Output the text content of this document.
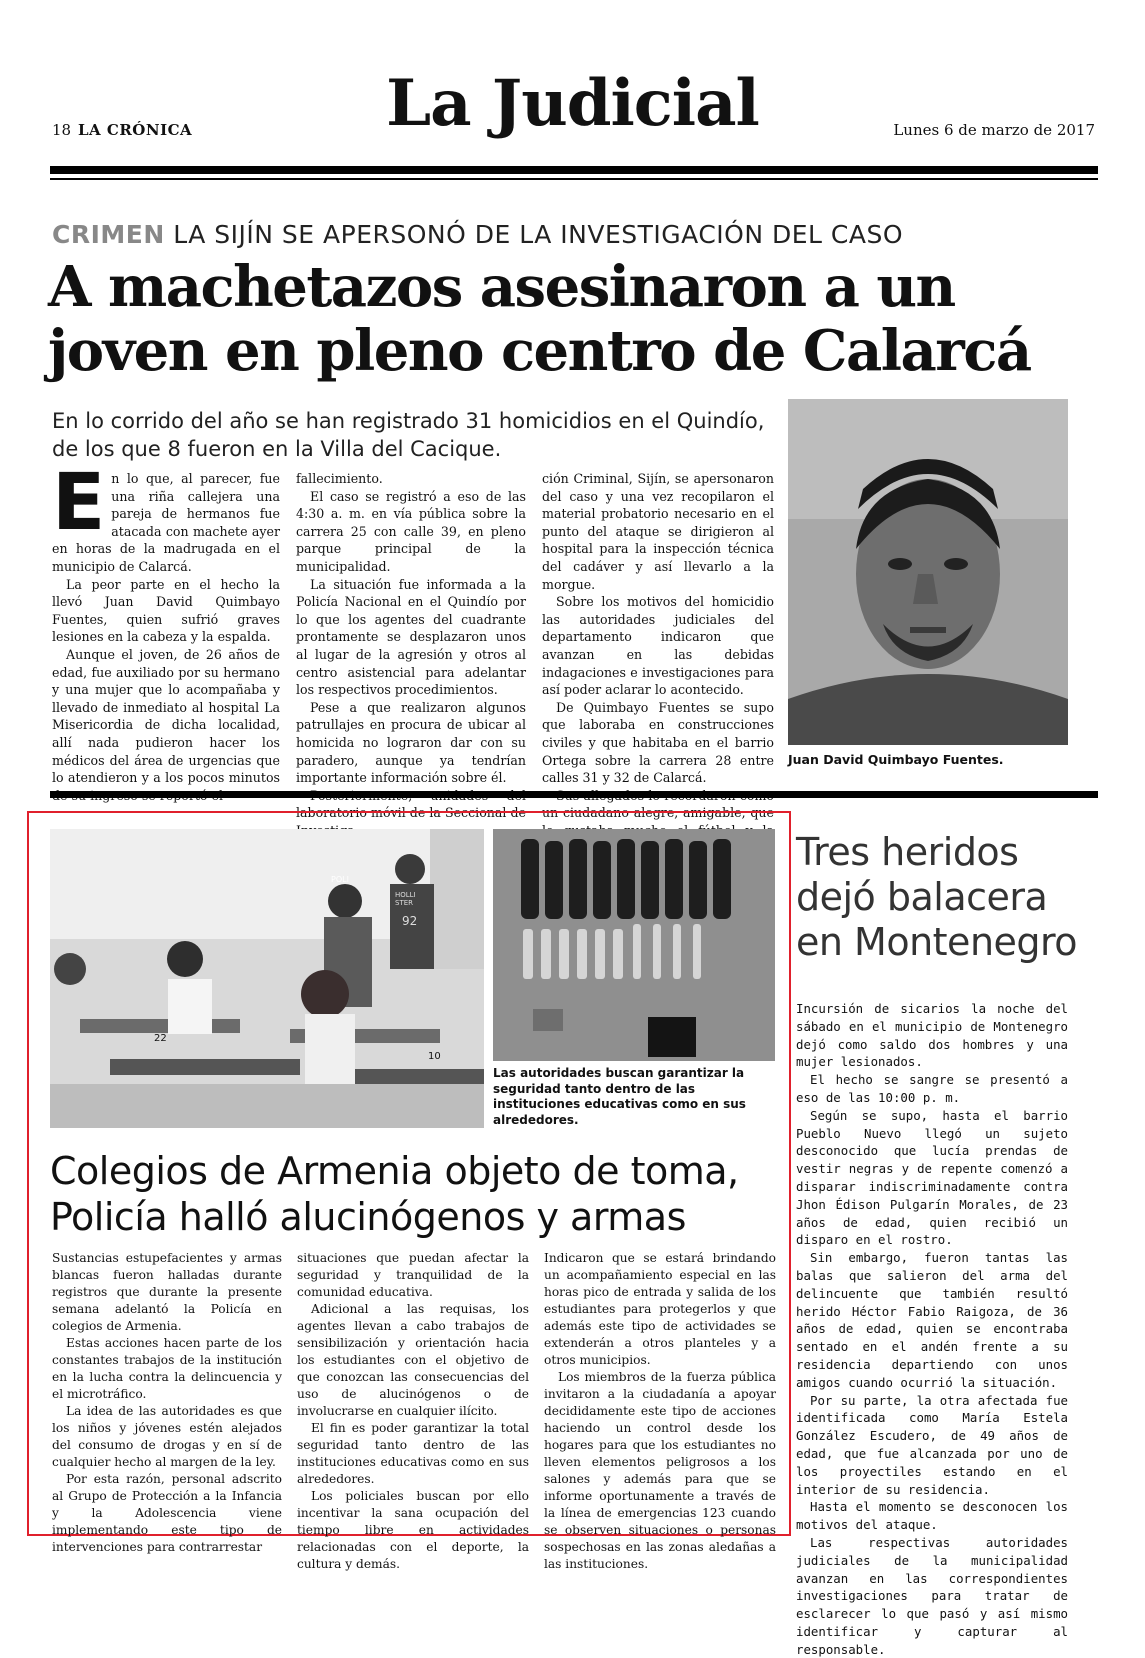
18 LA CRÓNICA	La Judicial	Lunes 6 de marzo de 2017
CRIMEN LA SIJÍN SE APERSONÓ DE LA INVESTIGACIÓN DEL CASO
A machetazos asesinaron a un joven en pleno centro de Calarcá
En lo corrido del año se han registrado 31 homicidios en el Quindío, de los que 8 fueron en la Villa del Cacique.

En lo que, al parecer, fue una riña callejera una pareja de hermanos fue atacada con machete ayer en horas de la madrugada en el municipio de Calarcá.

La peor parte en el hecho la llevó Juan David Quimbayo Fuentes, quien sufrió graves lesiones en la cabeza y la espalda.

Aunque el joven, de 26 años de edad, fue auxiliado por su hermano y una mujer que lo acompañaba y llevado de inmediato al hospital La Misericordia de dicha localidad, allí nada pudieron hacer los médicos del área de urgencias que lo atendieron y a los pocos minutos

fallecimiento.

El caso se registró a eso de las 4:30 a. m. en vía pública sobre la carrera 25 con calle 39, en pleno parque principal de la municipalidad.

La situación fue informada a la Policía Nacional en el Quindío por lo que los agentes del cuadrante prontamente se desplazaron unos al lugar de la agresión y otros al centro asistencial para adelantar los respectivos procedimientos.

Pese a que realizaron algunos patrullajes en procura de ubicar al homicida no lograron dar con su paradero, aunque ya tendrían importante información sobre él.

laboratorio móvil de la Seccional de

ción Criminal, Sijín, se apersonaron del caso y una vez recopilaron el material probatorio necesario en el punto del ataque se dirigieron al hospital para la inspección técnica del cadáver y así llevarlo a la morgue.

Sobre los motivos del homicidio las autoridades judiciales del departamento indicaron que avanzan en las debidas indagaciones e investigaciones para así poder aclarar lo acontecido.

De Quimbayo Fuentes se supo que laboraba en construcciones civiles y que habitaba en el barrio Ortega sobre la carrera 28 entre calles 31 y 32 de Calarcá.

un ciudadano alegre, amigable, que

Juan David Quimbayo Fuentes.
POLI
HOLLI STER
92
22
10
Las autoridades buscan garantizar la seguridad tanto dentro de las instituciones educativas como en sus alrededores.
Colegios de Armenia objeto de toma, Policía halló alucinógenos y armas

Sustancias estupefacientes y armas blancas fueron halladas durante registros que durante la presente semana adelantó la Policía en colegios de Armenia.

Estas acciones hacen parte de los constantes trabajos de la institución en la lucha contra la delincuencia y el microtráfico.

La idea de las autoridades es que los niños y jóvenes estén alejados del consumo de drogas y en sí de cualquier hecho al margen de la ley.

Por esta razón, personal adscrito al Grupo de Protección a la Infancia y la Adolescencia viene implementando este tipo de intervenciones para contrarrestar

situaciones que puedan afectar la seguridad y tranquilidad de la comunidad educativa.

Adicional a las requisas, los agentes llevan a cabo trabajos de sensibilización y orientación hacia los estudiantes con el objetivo de que conozcan las consecuencias del uso de alucinógenos o de involucrarse en cualquier ilícito.

El fin es poder garantizar la total seguridad tanto dentro de las instituciones educativas como en sus alrededores.

Los policiales buscan por ello incentivar la sana ocupación del tiempo libre en actividades relacionadas con el deporte, la cultura y demás.

Indicaron que se estará brindando un acompañamiento especial en las horas pico de entrada y salida de los estudiantes para protegerlos y que además este tipo de actividades se extenderán a otros planteles y a otros municipios.

Los miembros de la fuerza pública invitaron a la ciudadanía a apoyar decididamente este tipo de acciones haciendo un control desde los hogares para que los estudiantes no lleven elementos peligrosos a los salones y además para que se informe oportunamente a través de la línea de emergencias 123 cuando se observen situaciones o personas sospechosas en las zonas aledañas a las instituciones.

Tres heridos dejó balacera en Montenegro

Incursión de sicarios la noche del sábado en el municipio de Montenegro dejó como saldo dos hombres y una mujer lesionados.

El hecho se sangre se presentó a eso de las 10:00 p. m.

Según se supo, hasta el barrio Pueblo Nuevo llegó un sujeto desconocido que lucía prendas de vestir negras y de repente comenzó a disparar indiscriminadamente contra Jhon Édison Pulgarín Morales, de 23 años de edad, quien recibió un disparo en el rostro.

Sin embargo, fueron tantas las balas que salieron del arma del delincuente que también resultó herido Héctor Fabio Raigoza, de 36 años de edad, quien se encontraba sentado en el andén frente a su residencia departiendo con unos amigos cuando ocurrió la situación.

Por su parte, la otra afectada fue identificada como María Estela González Escudero, de 49 años de edad, que fue alcanzada por uno de los proyectiles estando en el interior de su residencia.

Hasta el momento se desconocen los motivos del ataque.

Las respectivas autoridades judiciales de la municipalidad avanzan en las correspondientes investigaciones para tratar de esclarecer lo que pasó y así mismo identificar y capturar al responsable.
